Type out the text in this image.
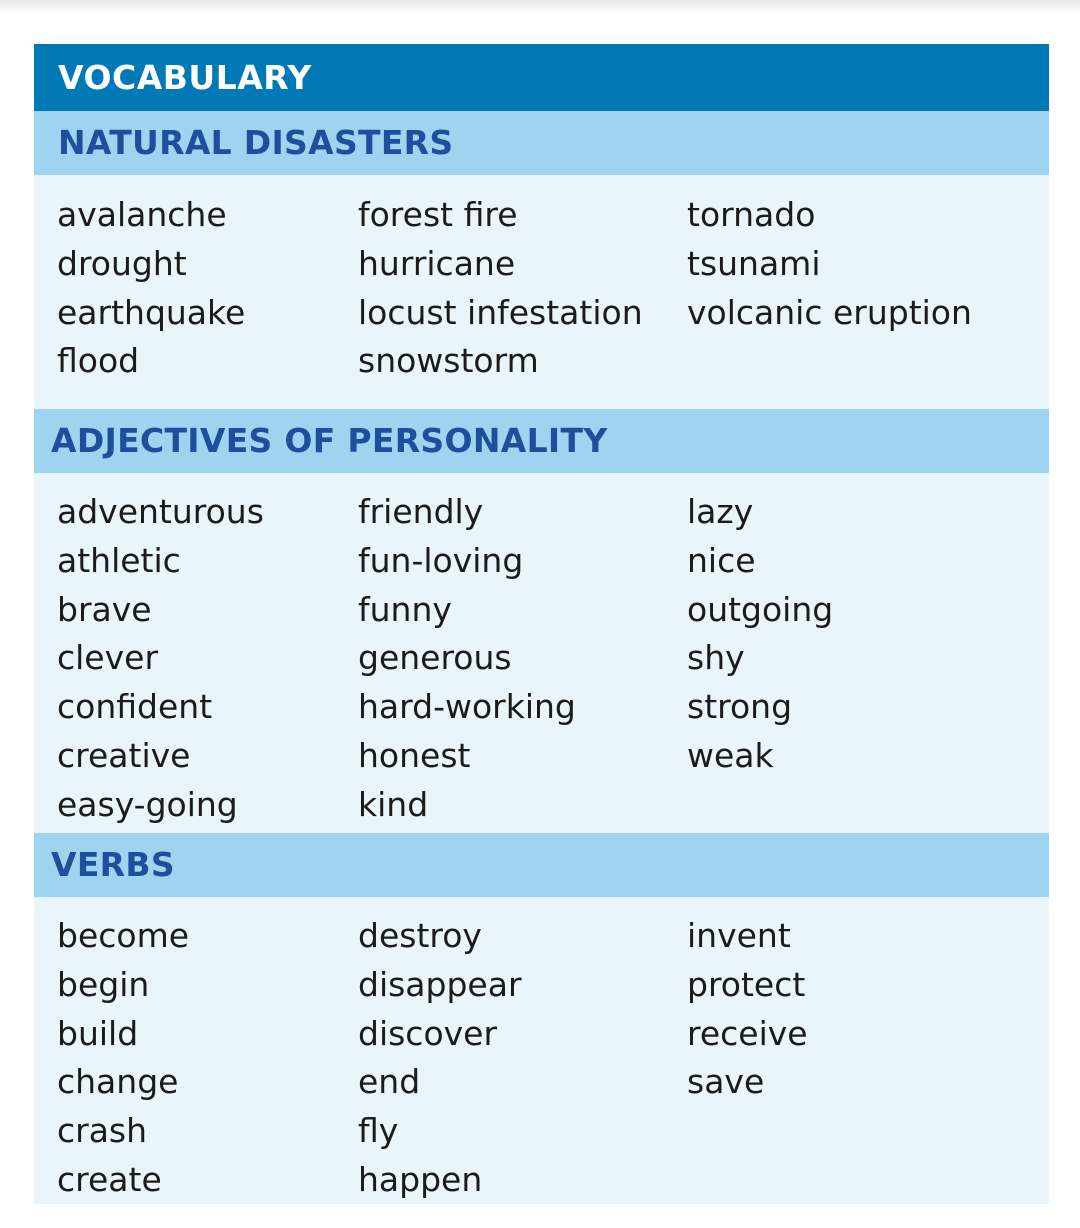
VOCABULARY
NATURAL DISASTERS
avalanche
drought
earthquake
flood
forest fire
hurricane
locust infestation
snowstorm
tornado
tsunami
volcanic eruption
ADJECTIVES OF PERSONALITY
adventurous
athletic
brave
clever
confident
creative
easy-going
friendly
fun-loving
funny
generous
hard-working
honest
kind
lazy
nice
outgoing
shy
strong
weak
VERBS
become
begin
build
change
crash
create
destroy
disappear
discover
end
fly
happen
invent
protect
receive
save
